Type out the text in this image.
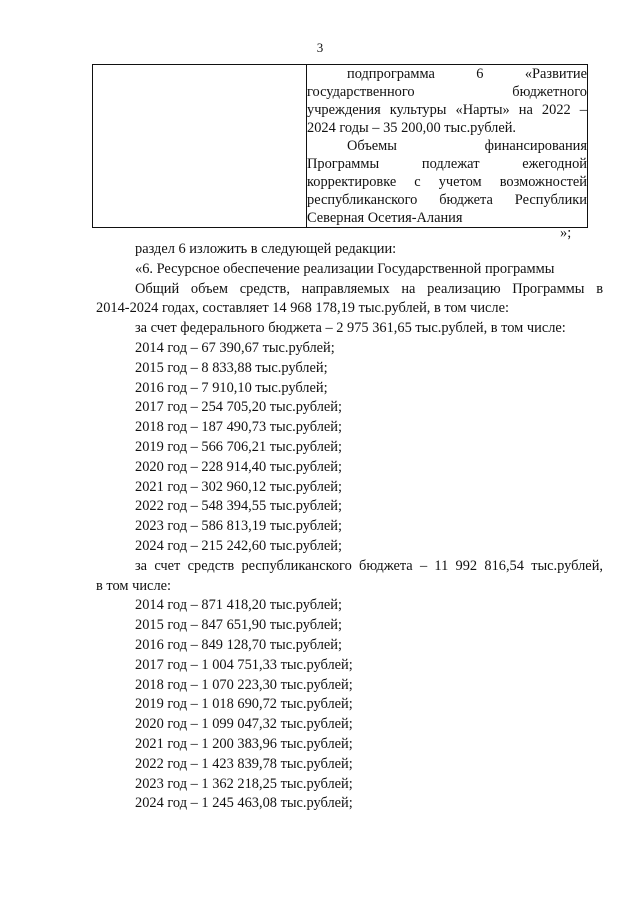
3

подпрограмма 6 «Развитие

государственного бюджетного

учреждения культуры «Нарты» на 2022 –

2024 годы – 35 200,00 тыс.рублей.

Объемы финансирования

Программы подлежат ежегодной

корректировке с учетом возможностей

республиканского бюджета Республики

Северная Осетия-Алания

»;

раздел 6 изложить в следующей редакции:

«6. Ресурсное обеспечение реализации Государственной программы

Общий объем средств, направляемых на реализацию Программы в

2014-2024 годах, составляет 14 968 178,19 тыс.рублей, в том числе:

за счет федерального бюджета – 2 975 361,65 тыс.рублей, в том числе:

2014 год – 67 390,67 тыс.рублей;

2015 год – 8 833,88 тыс.рублей;

2016 год – 7 910,10 тыс.рублей;

2017 год – 254 705,20 тыс.рублей;

2018 год – 187 490,73 тыс.рублей;

2019 год – 566 706,21 тыс.рублей;

2020 год – 228 914,40 тыс.рублей;

2021 год – 302 960,12 тыс.рублей;

2022 год – 548 394,55 тыс.рублей;

2023 год – 586 813,19 тыс.рублей;

2024 год – 215 242,60 тыс.рублей;

за счет средств республиканского бюджета – 11 992 816,54 тыс.рублей,

в том числе:

2014 год – 871 418,20 тыс.рублей;

2015 год – 847 651,90 тыс.рублей;

2016 год – 849 128,70 тыс.рублей;

2017 год – 1 004 751,33 тыс.рублей;

2018 год – 1 070 223,30 тыс.рублей;

2019 год – 1 018 690,72 тыс.рублей;

2020 год – 1 099 047,32 тыс.рублей;

2021 год – 1 200 383,96 тыс.рублей;

2022 год – 1 423 839,78 тыс.рублей;

2023 год – 1 362 218,25 тыс.рублей;

2024 год – 1 245 463,08 тыс.рублей;
